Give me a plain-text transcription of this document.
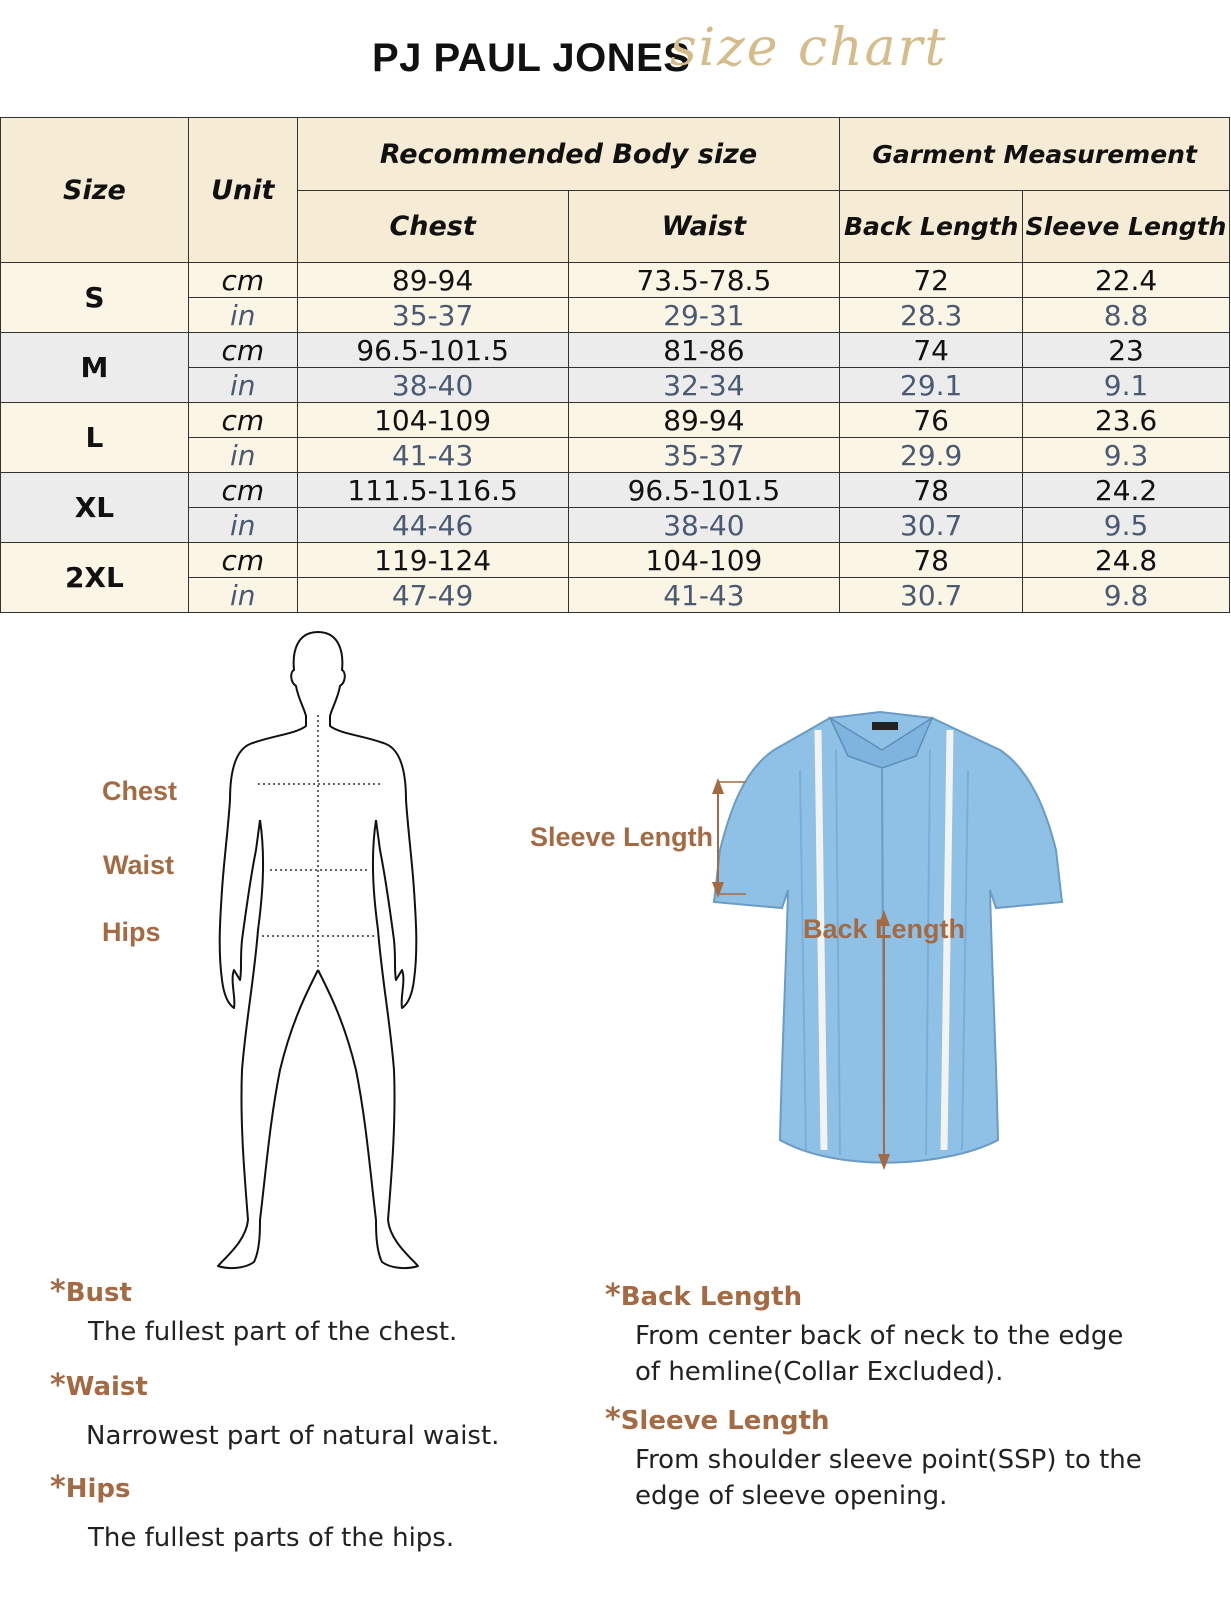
PJ PAUL JONES
size chart
Size	Unit	Recommended Body size		Garment Measurement	
		Chest	Waist	Back Length	Sleeve Length
S	cm	89-94	73.5-78.5	72	22.4
	in	35-37	29-31	28.3	8.8
M	cm	96.5-101.5	81-86	74	23
	in	38-40	32-34	29.1	9.1
L	cm	104-109	89-94	76	23.6
	in	41-43	35-37	29.9	9.3
XL	cm	111.5-116.5	96.5-101.5	78	24.2
	in	44-46	38-40	30.7	9.5
2XL	cm	119-124	104-109	78	24.8
	in	47-49	41-43	30.7	9.8
Chest
Waist
Hips
Sleeve Length
Back Length
*Bust
The fullest part of the chest.
*Waist
Narrowest part of natural waist.
*Hips
The fullest parts of the hips.
*Back Length
From center back of neck to the edge
of hemline(Collar Excluded).
*Sleeve Length
From shoulder sleeve point(SSP) to the
edge of sleeve opening.
